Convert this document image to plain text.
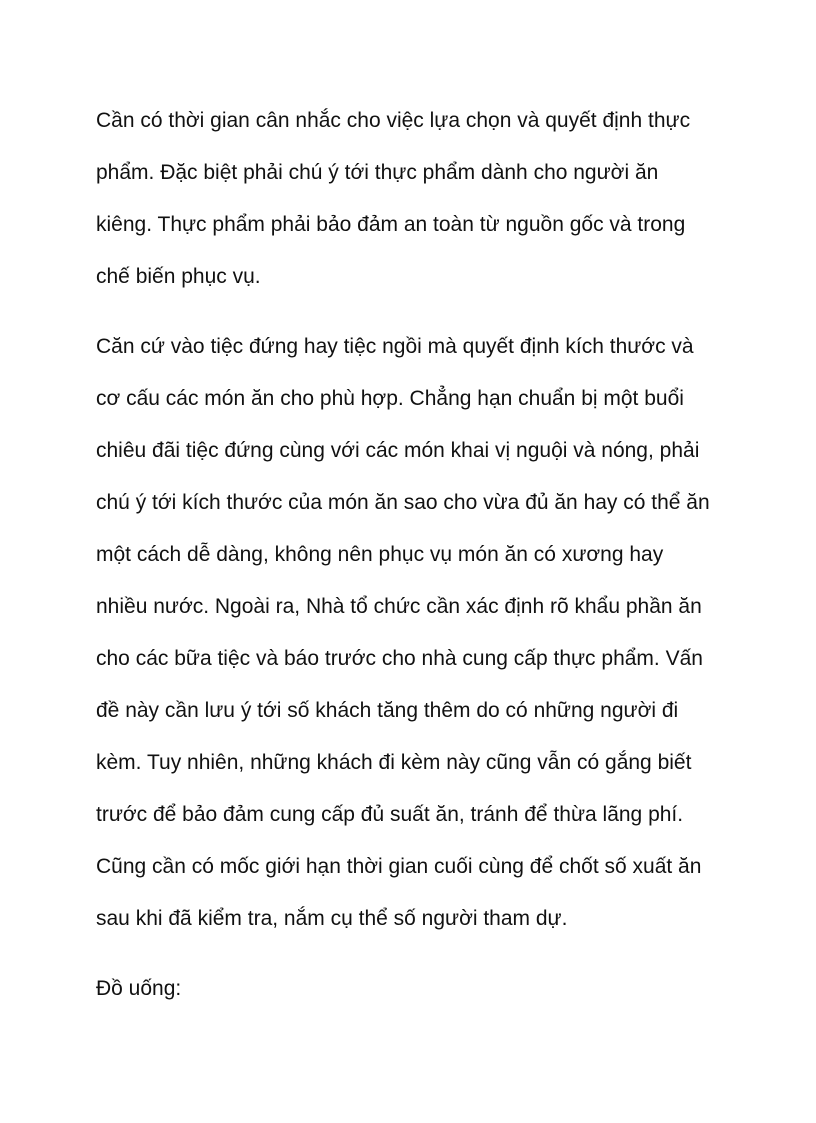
Cần có thời gian cân nhắc cho việc lựa chọn và quyết định thực
phẩm. Đặc biệt phải chú ý tới thực phẩm dành cho người ăn
kiêng. Thực phẩm phải bảo đảm an toàn từ nguồn gốc và trong
chế biến phục vụ.

Căn cứ vào tiệc đứng hay tiệc ngồi mà quyết định kích thước và
cơ cấu các món ăn cho phù hợp. Chẳng hạn chuẩn bị một buổi
chiêu đãi tiệc đứng cùng với các món khai vị nguội và nóng, phải
chú ý tới kích thước của món ăn sao cho vừa đủ ăn hay có thể ăn
một cách dễ dàng, không nên phục vụ món ăn có xương hay
nhiều nước. Ngoài ra, Nhà tổ chức cần xác định rõ khẩu phần ăn
cho các bữa tiệc và báo trước cho nhà cung cấp thực phẩm. Vấn
đề này cần lưu ý tới số khách tăng thêm do có những người đi
kèm. Tuy nhiên, những khách đi kèm này cũng vẫn có gắng biết
trước để bảo đảm cung cấp đủ suất ăn, tránh để thừa lãng phí.
Cũng cần có mốc giới hạn thời gian cuối cùng để chốt số xuất ăn
sau khi đã kiểm tra, nắm cụ thể số người tham dự.

Đồ uống:
